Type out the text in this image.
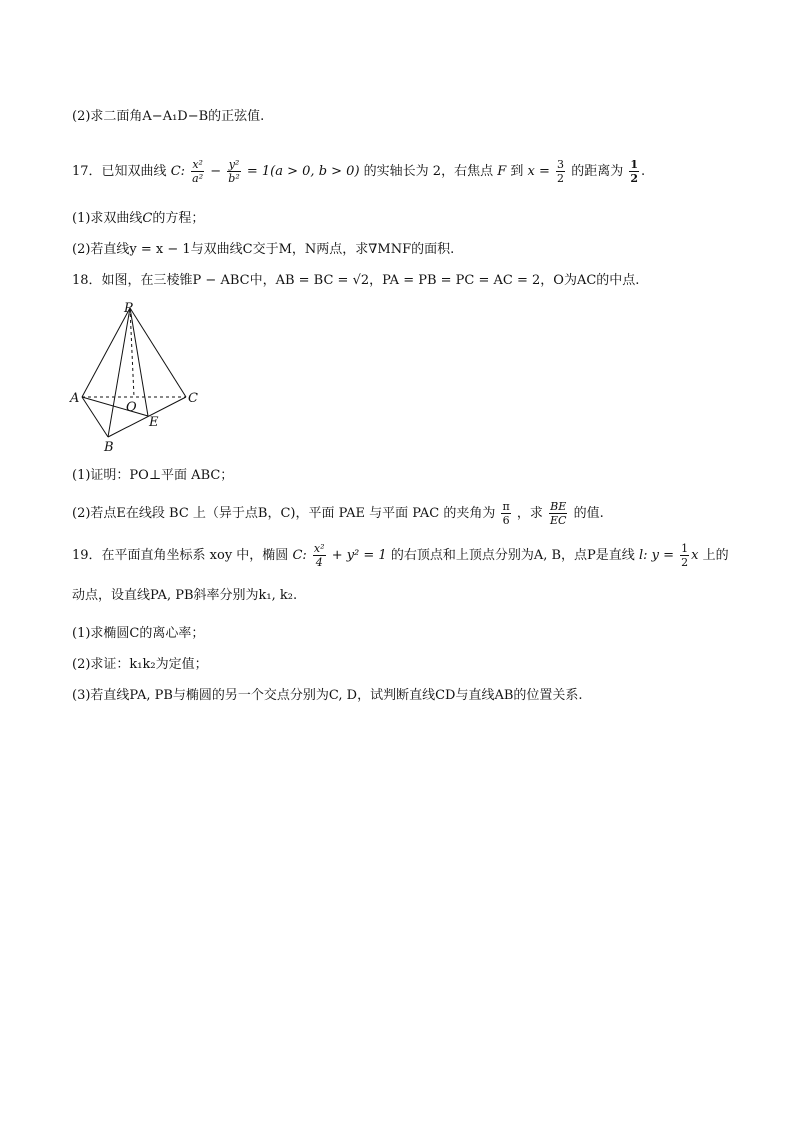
(2)求二面角A−A₁D−B的正弦值.
17．已知双曲线 C: $\frac{\text{x²}}{\text{a²}} - \frac{\text{y²}}{\text{b²}} = 1(a > 0$, b > 0) 的实轴长为 2，右焦点 F 到 $x = \frac{3}{2}$ 的距离为 $\frac{1}{2}$ .
(1)求双曲线C的方程；
(2)若直线y = x − 1与双曲线C交于M，N两点，求∇MNF的面积.
18．如图，在三棱锥P − ABC中，AB = BC = √2，PA = PB = PC = AC = 2，O为AC的中点.
P
A	C
O
E
B
(1)证明：PO⊥平面 ABC；
(2)若点E在线段 BC 上（异于点B，C)，平面 PAE 与平面 PAC 的夹角为 $\frac{\pi}{6}$ ，求 $\frac{BE}{EC}$ 的值.
19．在平面直角坐标系 xoy 中，椭圆 C: $\frac{\text{x²}}{4} + y^2 = 1$ 的右顶点和上顶点分别为A, B，点P是直线 l: $y = \frac{1}{2}$ x 上的
动点，设直线PA, PB斜率分别为k₁, k₂.
(1)求椭圆C的离心率；
(2)求证：k₁k₂为定值；
(3)若直线PA, PB与椭圆的另一个交点分别为C, D，试判断直线CD与直线AB的位置关系.
